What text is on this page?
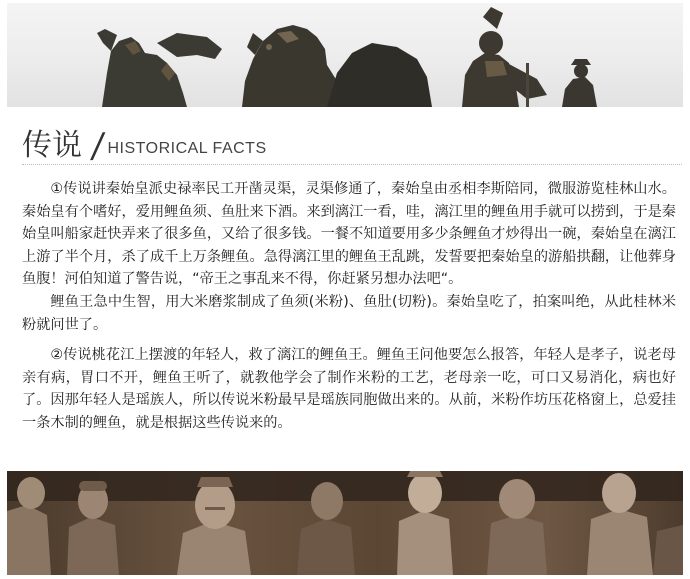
传说 / HISTORICAL FACTS

①传说讲秦始皇派史禄率民工开凿灵渠，灵渠修通了，秦始皇由丞相李斯陪同，微服游览桂林山水。秦始皇有个嗜好，爱用鲤鱼须、鱼肚来下酒。来到漓江一看，哇，漓江里的鲤鱼用手就可以捞到，于是秦始皇叫船家赶快弄来了很多鱼，又给了很多钱。一餐不知道要用多少条鲤鱼才炒得出一碗，秦始皇在漓江上游了半个月，杀了成千上万条鲤鱼。急得漓江里的鲤鱼王乱跳，发誓要把秦始皇的游船拱翻，让他葬身鱼腹！河伯知道了警告说，“帝王之事乱来不得，你赶紧另想办法吧“。

鲤鱼王急中生智，用大米磨浆制成了鱼须(米粉)、鱼肚(切粉)。秦始皇吃了，拍案叫绝，从此桂林米粉就问世了。

②传说桃花江上摆渡的年轻人，救了漓江的鲤鱼王。鲤鱼王问他要怎么报答，年轻人是孝子，说老母亲有病，胃口不开，鲤鱼王听了，就教他学会了制作米粉的工艺，老母亲一吃，可口又易消化，病也好了。因那年轻人是瑶族人，所以传说米粉最早是瑶族同胞做出来的。从前，米粉作坊压花格窗上，总爱挂一条木制的鲤鱼，就是根据这些传说来的。
